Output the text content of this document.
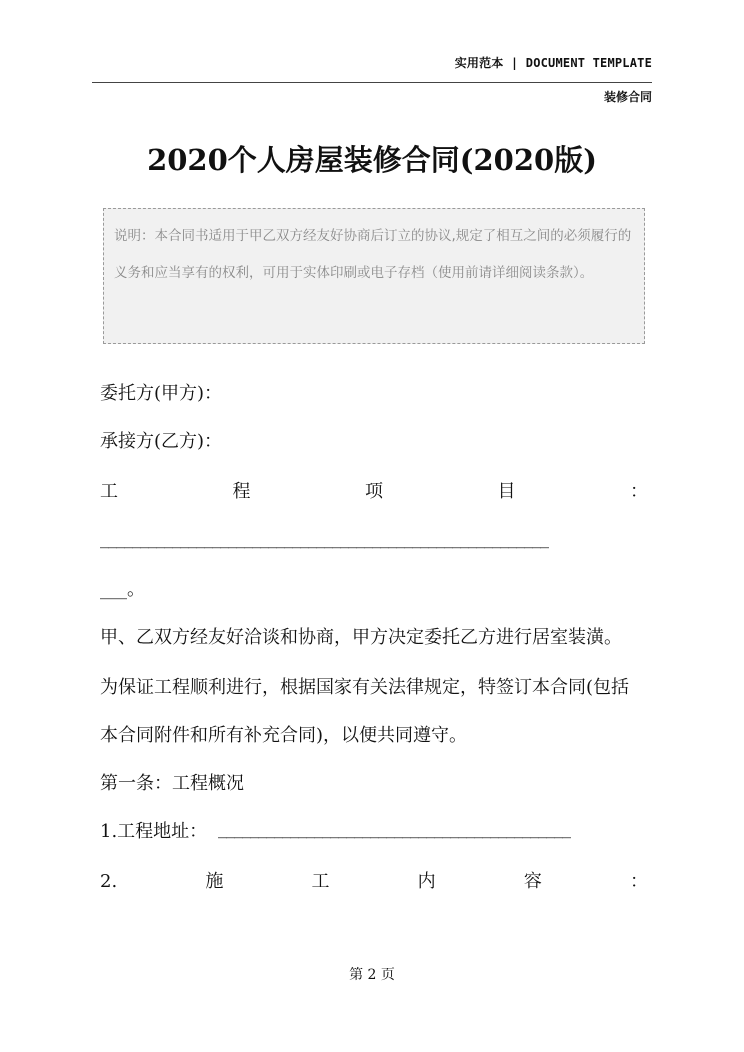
实用范本 | DOCUMENT TEMPLATE
装修合同
2020个人房屋装修合同(2020版)
说明：本合同书适用于甲乙双方经友好协商后订立的协议,规定了相互之间的必须履行的义务和应当享有的权利，可用于实体印刷或电子存档（使用前请详细阅读条款）。
委托方(甲方)：
承接方(乙方)：
工	程	项	目	：
________________________________________________________
___。
甲、乙双方经友好洽谈和协商，甲方决定委托乙方进行居室装潢。
为保证工程顺利进行，根据国家有关法律规定，特签订本合同(包括
本合同附件和所有补充合同)，以便共同遵守。
第一条：工程概况
1.工程地址： ____________________________________________
2.	施	工	内	容	：
第 2 页
